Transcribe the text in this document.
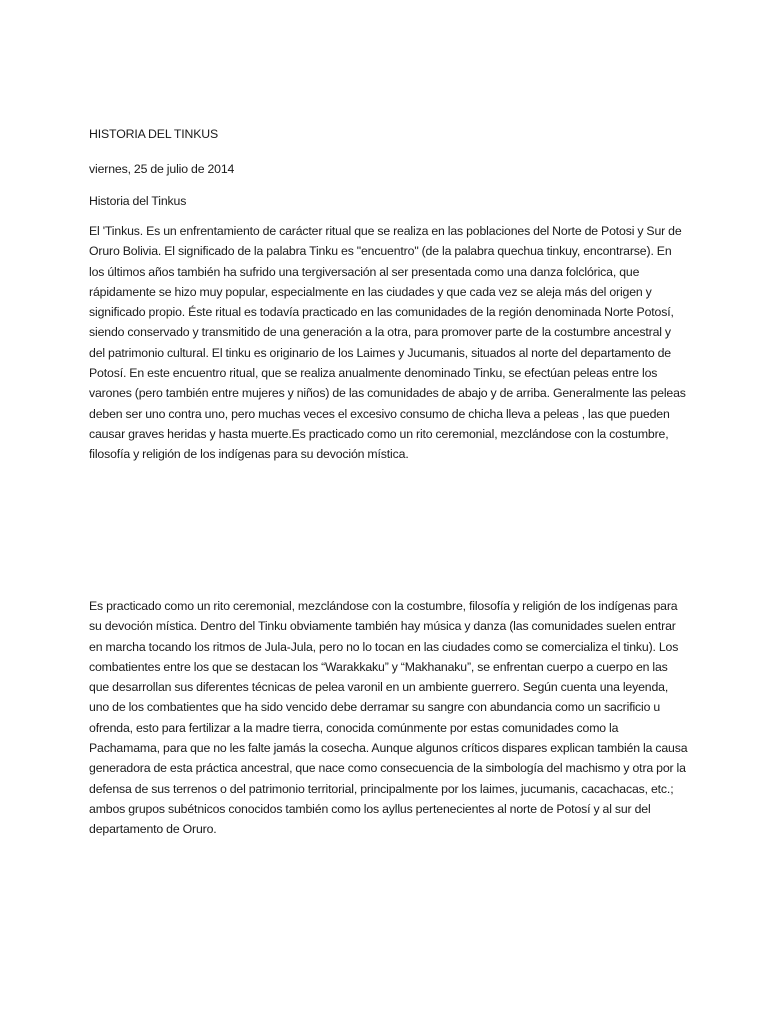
HISTORIA DEL TINKUS

viernes, 25 de julio de 2014

Historia del Tinkus

El 'Tinkus. Es un enfrentamiento de carácter ritual que se realiza en las poblaciones del Norte de Potosi y Sur de Oruro Bolivia. El significado de la palabra Tinku es "encuentro" (de la palabra quechua tinkuy, encontrarse). En los últimos años también ha sufrido una tergiversación al ser presentada como una danza folclórica, que rápidamente se hizo muy popular, especialmente en las ciudades y que cada vez se aleja más del origen y significado propio. Éste ritual es todavía practicado en las comunidades de la región denominada Norte Potosí, siendo conservado y transmitido de una generación a la otra, para promover parte de la costumbre ancestral y del patrimonio cultural. El tinku es originario de los Laimes y Jucumanis, situados al norte del departamento de Potosí. En este encuentro ritual, que se realiza anualmente denominado Tinku, se efectúan peleas entre los varones (pero también entre mujeres y niños) de las comunidades de abajo y de arriba. Generalmente las peleas deben ser uno contra uno, pero muchas veces el excesivo consumo de chicha lleva a peleas , las que pueden causar graves heridas y hasta muerte.Es practicado como un rito ceremonial, mezclándose con la costumbre, filosofía y religión de los indígenas para su devoción mística.

Es practicado como un rito ceremonial, mezclándose con la costumbre, filosofía y religión de los indígenas para su devoción mística. Dentro del Tinku obviamente también hay música y danza (las comunidades suelen entrar en marcha tocando los ritmos de Jula-Jula, pero no lo tocan en las ciudades como se comercializa el tinku). Los combatientes entre los que se destacan los “Warakkaku” y “Makhanaku”, se enfrentan cuerpo a cuerpo en las que desarrollan sus diferentes técnicas de pelea varonil en un ambiente guerrero. Según cuenta una leyenda, uno de los combatientes que ha sido vencido debe derramar su sangre con abundancia como un sacrificio u ofrenda, esto para fertilizar a la madre tierra, conocida comúnmente por estas comunidades como la Pachamama, para que no les falte jamás la cosecha. Aunque algunos críticos dispares explican también la causa generadora de esta práctica ancestral, que nace como consecuencia de la simbología del machismo y otra por la defensa de sus terrenos o del patrimonio territorial, principalmente por los laimes, jucumanis, cacachacas, etc.; ambos grupos subétnicos conocidos también como los ayllus pertenecientes al norte de Potosí y al sur del departamento de Oruro.
